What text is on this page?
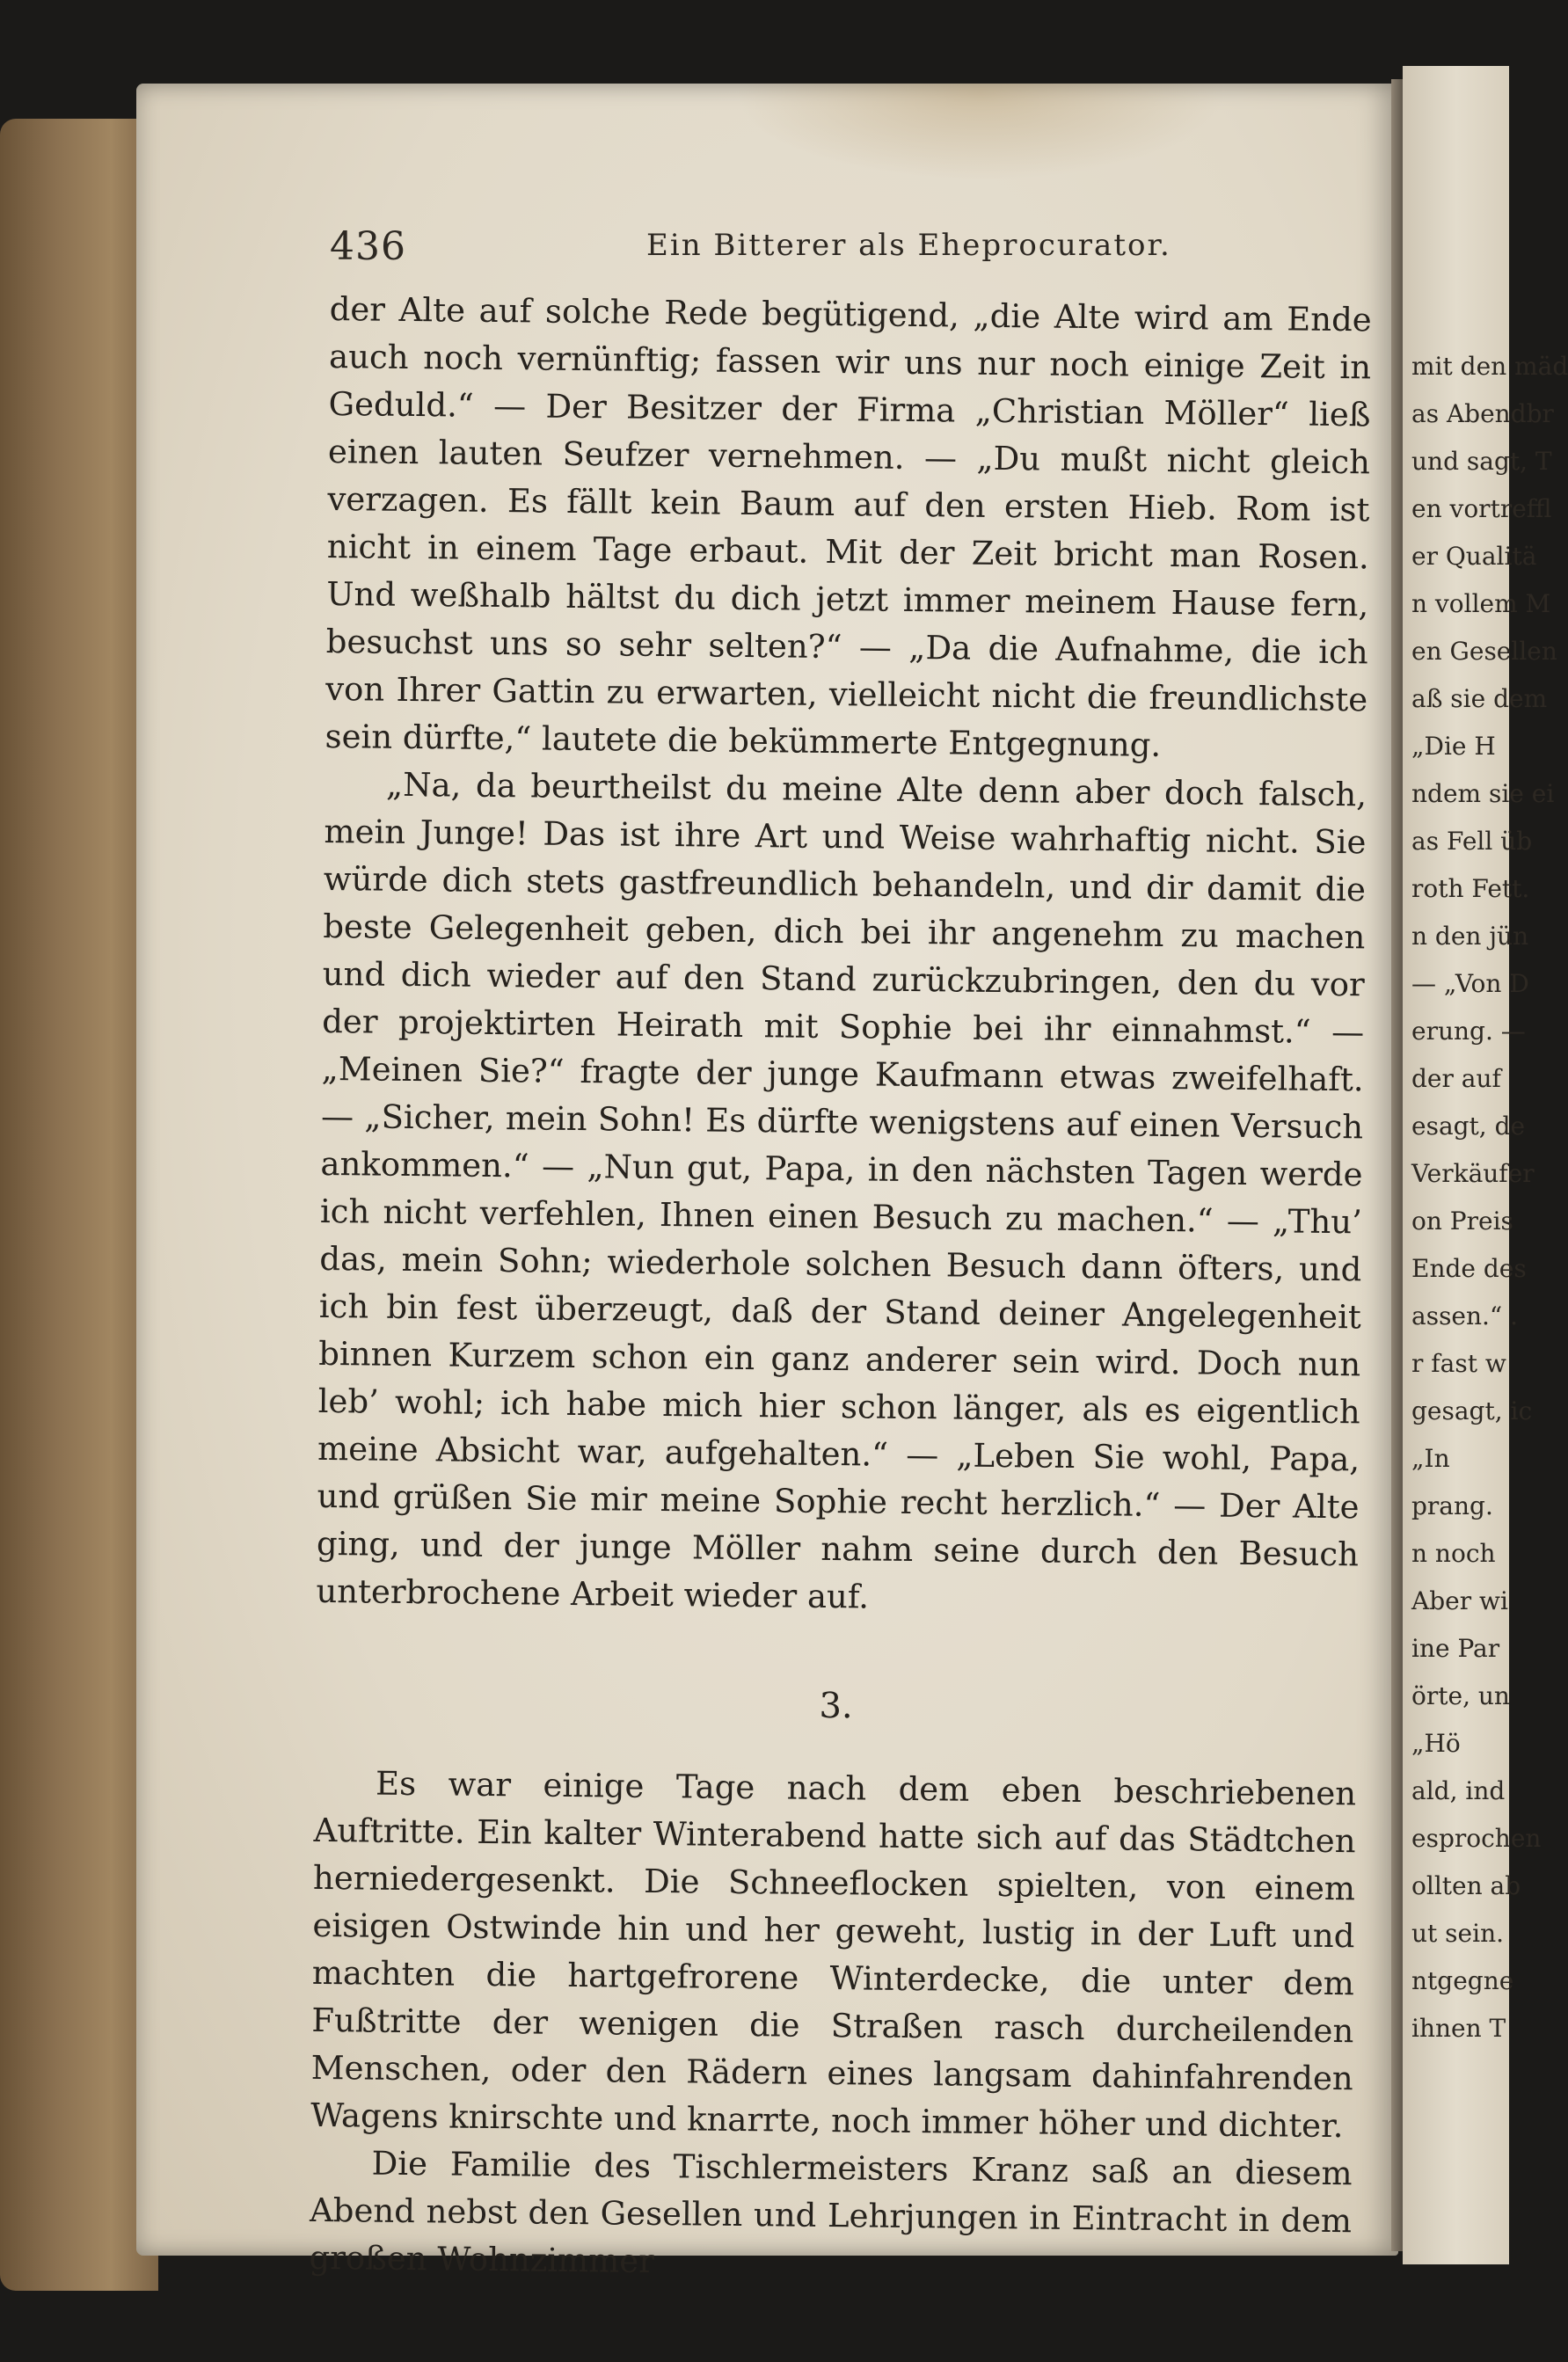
436	Ein Bitterer als Eheprocurator.

der Alte auf solche Rede begütigend, „die Alte wird am Ende auch noch vernünftig; fassen wir uns nur noch einige Zeit in Geduld.“ — Der Besitzer der Firma „Christian Möller“ ließ einen lauten Seufzer vernehmen. — „Du mußt nicht gleich verzagen. Es fällt kein Baum auf den ersten Hieb. Rom ist nicht in einem Tage erbaut. Mit der Zeit bricht man Rosen. Und weßhalb hältst du dich jetzt immer meinem Hause fern, besuchst uns so sehr selten?“ — „Da die Aufnahme, die ich von Ihrer Gattin zu erwarten, vielleicht nicht die freundlichste sein dürfte,“ lautete die bekümmerte Entgegnung.

„Na, da beurtheilst du meine Alte denn aber doch falsch, mein Junge! Das ist ihre Art und Weise wahrhaftig nicht. Sie würde dich stets gastfreundlich behandeln, und dir damit die beste Gelegenheit geben, dich bei ihr angenehm zu machen und dich wieder auf den Stand zurückzubringen, den du vor der projektirten Heirath mit Sophie bei ihr einnahmst.“ — „Meinen Sie?“ fragte der junge Kaufmann etwas zweifelhaft. — „Sicher, mein Sohn! Es dürfte wenigstens auf einen Versuch ankommen.“ — „Nun gut, Papa, in den nächsten Tagen werde ich nicht verfehlen, Ihnen einen Besuch zu machen.“ — „Thu’ das, mein Sohn; wiederhole solchen Besuch dann öfters, und ich bin fest überzeugt, daß der Stand deiner Angelegenheit binnen Kurzem schon ein ganz anderer sein wird. Doch nun leb’ wohl; ich habe mich hier schon länger, als es eigentlich meine Absicht war, aufgehalten.“ — „Leben Sie wohl, Papa, und grüßen Sie mir meine Sophie recht herzlich.“ — Der Alte ging, und der junge Möller nahm seine durch den Besuch unterbrochene Arbeit wieder auf.

3.

Es war einige Tage nach dem eben beschriebenen Auftritte. Ein kalter Winterabend hatte sich auf das Städtchen herniedergesenkt. Die Schneeflocken spielten, von einem eisigen Ostwinde hin und her geweht, lustig in der Luft und machten die hartgefrorene Winterdecke, die unter dem Fußtritte der wenigen die Straßen rasch durcheilenden Menschen, oder den Rädern eines langsam dahinfahrenden Wagens knirschte und knarrte, noch immer höher und dichter.

Die Familie des Tischlermeisters Kranz saß an diesem Abend nebst den Gesellen und Lehrjungen in Eintracht in dem großen Wohnzimmer

mit den mäd
as Abendbr
und sagt, T
en vortreffl
er Qualitä
n vollem M
en Gesellen
aß sie dem
„Die H
ndem sie ei
as Fell üb
roth Fett.
n den jün
— „Von D
erung. —
der auf
esagt, de
Verkäufer
on Preis
Ende des
assen.“ .
r fast w
gesagt, ic
„In
prang.
n noch
Aber wi
ine Par
örte, un
„Hö
ald, ind
esprochen
ollten ab
ut sein.
ntgegne
ihnen T
